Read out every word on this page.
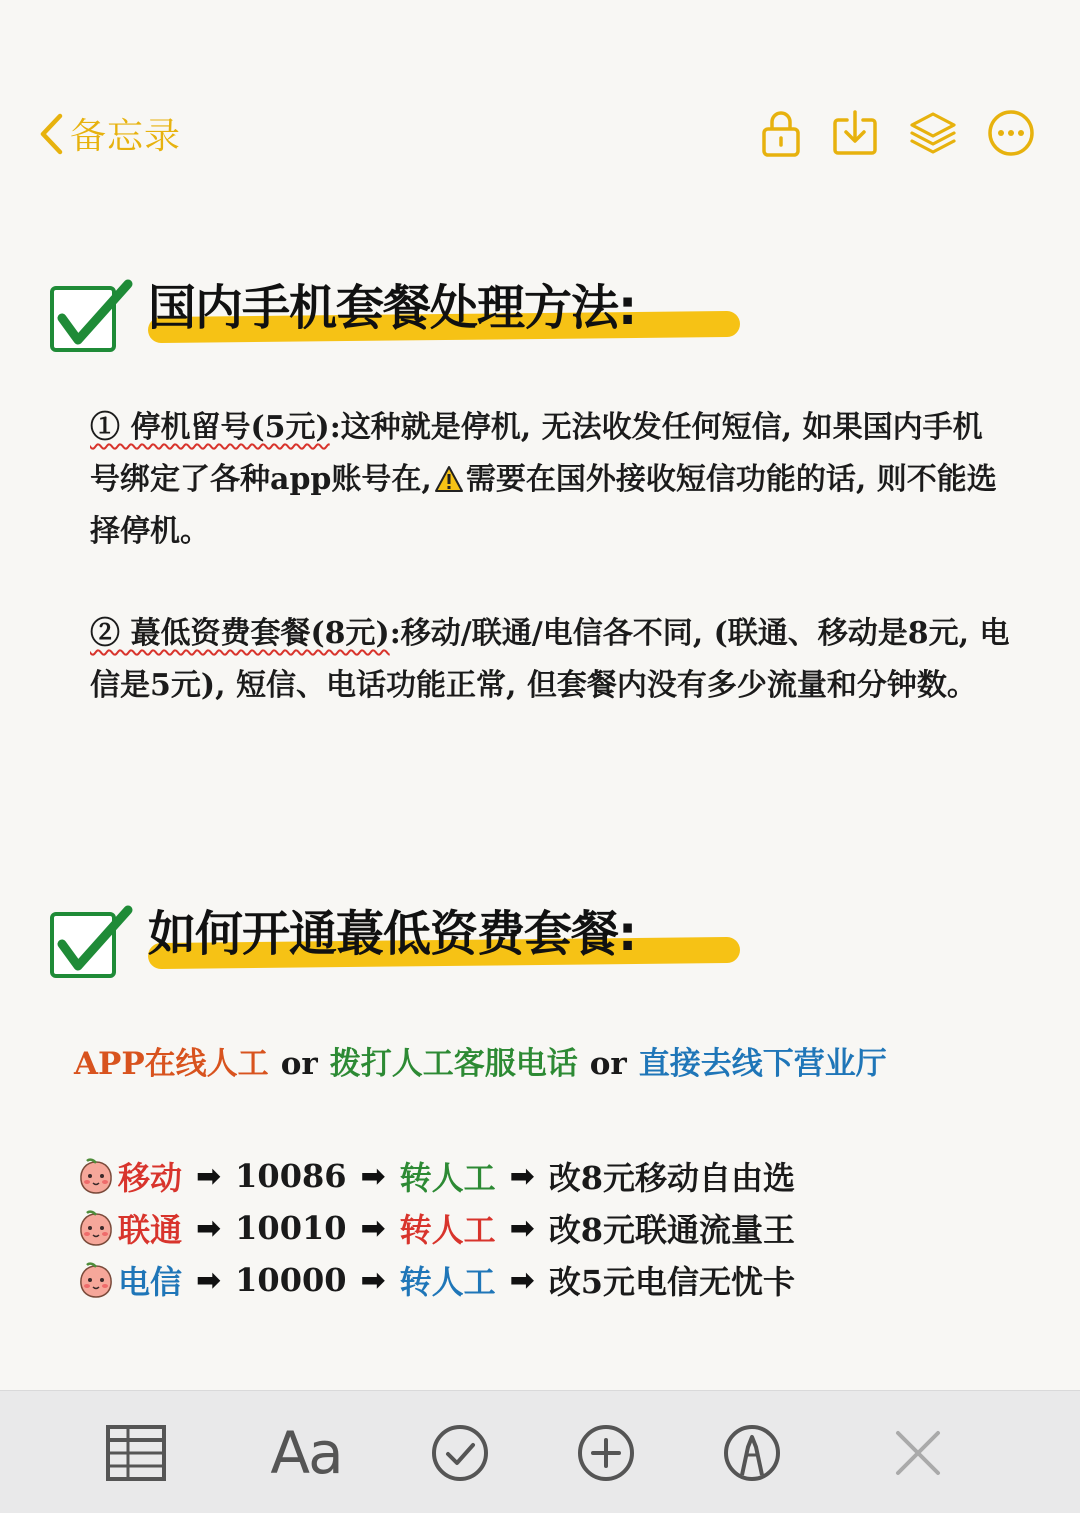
备忘录
国内手机套餐处理方法:
① 停机留号(5元):这种就是停机, 无法收发任何短信, 如果国内手机号绑定了各种app账号在, 需要在国外接收短信功能的话, 则不能选择停机。
② 蕞低资费套餐(8元):移动/联通/电信各不同, (联通、移动是8元, 电信是5元), 短信、电话功能正常, 但套餐内没有多少流量和分钟数。
如何开通蕞低资费套餐:
APP在线人工 or 拨打人工客服电话 or 直接去线下营业厅
移动 ➡ 10086 ➡ 转人工 ➡ 改8元移动自由选
联通 ➡ 10010 ➡ 转人工 ➡ 改8元联通流量王
电信 ➡ 10000 ➡ 转人工 ➡ 改5元电信无忧卡
Aa
